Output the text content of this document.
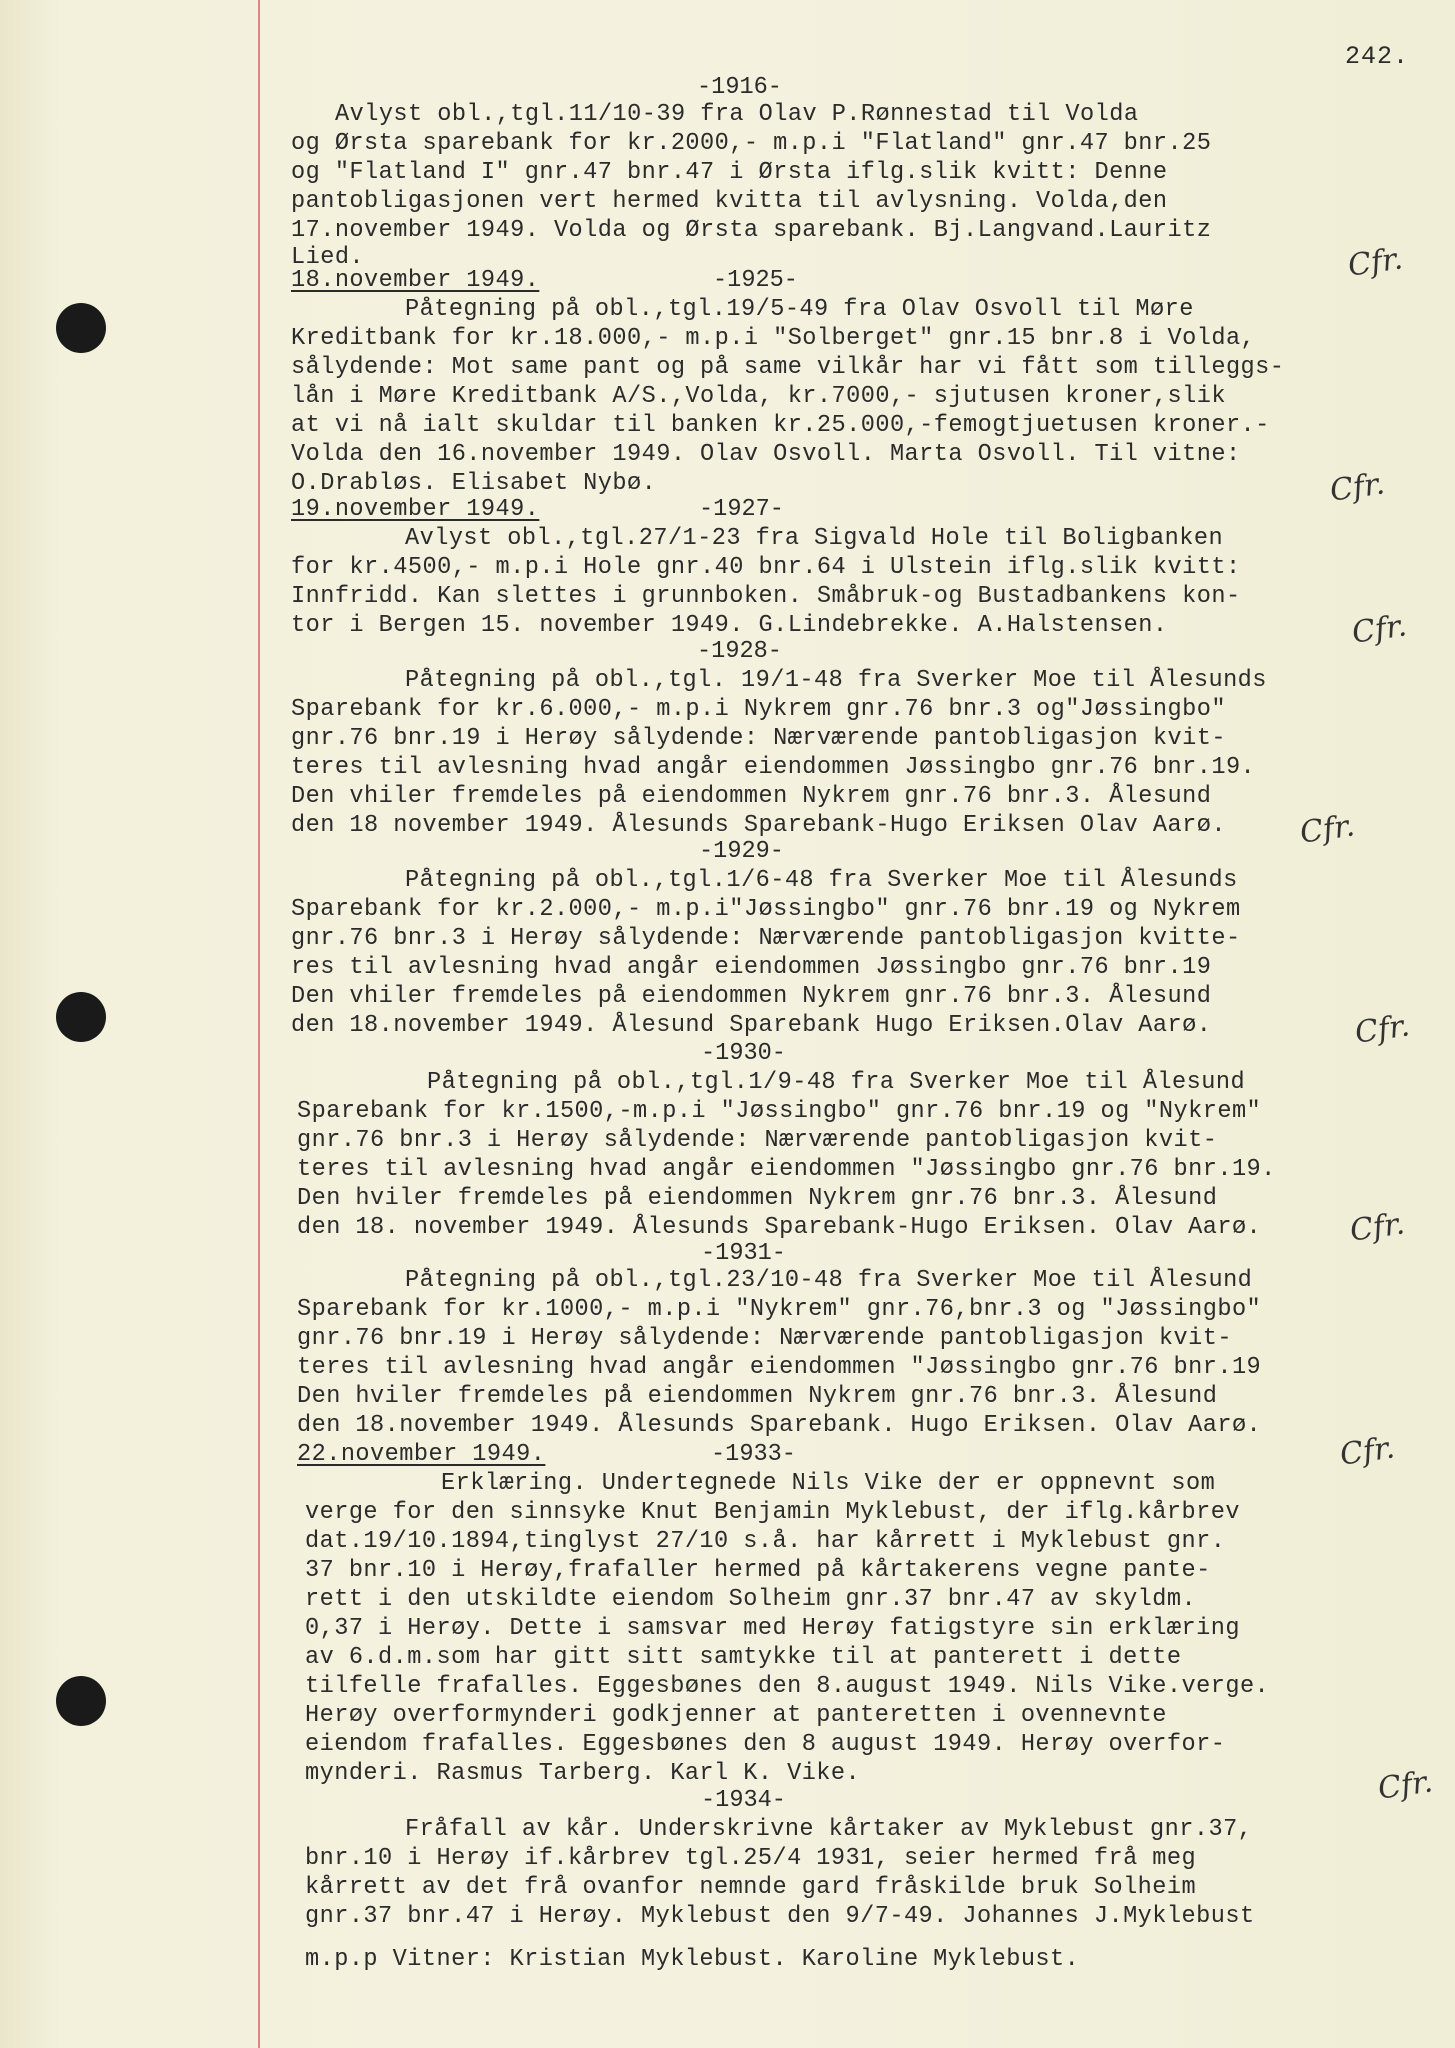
242.
-1916-
Avlyst obl.,tgl.11/10-39 fra Olav P.Rønnestad til Volda
og Ørsta sparebank for kr.2000,- m.p.i "Flatland" gnr.47 bnr.25
og "Flatland I" gnr.47 bnr.47 i Ørsta iflg.slik kvitt: Denne
pantobligasjonen vert hermed kvitta til avlysning. Volda,den
17.november 1949. Volda og Ørsta sparebank. Bj.Langvand.Lauritz
Lied.	Cfr.
18.november 1949.	-1925-
Påtegning på obl.,tgl.19/5-49 fra Olav Osvoll til Møre
Kreditbank for kr.18.000,- m.p.i "Solberget" gnr.15 bnr.8 i Volda,
sålydende: Mot same pant og på same vilkår har vi fått som tilleggs-
lån i Møre Kreditbank A/S.,Volda, kr.7000,- sjutusen kroner,slik
at vi nå ialt skuldar til banken kr.25.000,-femogtjuetusen kroner.-
Volda den 16.november 1949. Olav Osvoll. Marta Osvoll. Til vitne:
O.Drabløs. Elisabet Nybø.	Cfr.
19.november 1949.	-1927-
Avlyst obl.,tgl.27/1-23 fra Sigvald Hole til Boligbanken
for kr.4500,- m.p.i Hole gnr.40 bnr.64 i Ulstein iflg.slik kvitt:
Innfridd. Kan slettes i grunnboken. Småbruk-og Bustadbankens kon-
tor i Bergen 15. november 1949. G.Lindebrekke. A.Halstensen.	Cfr.
-1928-
Påtegning på obl.,tgl. 19/1-48 fra Sverker Moe til Ålesunds
Sparebank for kr.6.000,- m.p.i Nykrem gnr.76 bnr.3 og"Jøssingbo"
gnr.76 bnr.19 i Herøy sålydende: Nærværende pantobligasjon kvit-
teres til avlesning hvad angår eiendommen Jøssingbo gnr.76 bnr.19.
Den vhiler fremdeles på eiendommen Nykrem gnr.76 bnr.3. Ålesund
den 18 november 1949. Ålesunds Sparebank-Hugo Eriksen Olav Aarø. Cfr.
-1929-
Påtegning på obl.,tgl.1/6-48 fra Sverker Moe til Ålesunds
Sparebank for kr.2.000,- m.p.i"Jøssingbo" gnr.76 bnr.19 og Nykrem
gnr.76 bnr.3 i Herøy sålydende: Nærværende pantobligasjon kvitte-
res til avlesning hvad angår eiendommen Jøssingbo gnr.76 bnr.19
Den vhiler fremdeles på eiendommen Nykrem gnr.76 bnr.3. Ålesund
den 18.november 1949. Ålesund Sparebank Hugo Eriksen.Olav Aarø.	Cfr.
-1930-
Påtegning på obl.,tgl.1/9-48 fra Sverker Moe til Ålesund
Sparebank for kr.1500,-m.p.i "Jøssingbo" gnr.76 bnr.19 og "Nykrem"
gnr.76 bnr.3 i Herøy sålydende: Nærværende pantobligasjon kvit-
teres til avlesning hvad angår eiendommen "Jøssingbo gnr.76 bnr.19.
Den hviler fremdeles på eiendommen Nykrem gnr.76 bnr.3. Ålesund
den 18. november 1949. Ålesunds Sparebank-Hugo Eriksen. Olav Aarø.	Cfr.
-1931-
Påtegning på obl.,tgl.23/10-48 fra Sverker Moe til Ålesund
Sparebank for kr.1000,- m.p.i "Nykrem" gnr.76,bnr.3 og "Jøssingbo"
gnr.76 bnr.19 i Herøy sålydende: Nærværende pantobligasjon kvit-
teres til avlesning hvad angår eiendommen "Jøssingbo gnr.76 bnr.19
Den hviler fremdeles på eiendommen Nykrem gnr.76 bnr.3. Ålesund
den 18.november 1949. Ålesunds Sparebank. Hugo Eriksen. Olav Aarø.
Cfr.
22.november 1949.	-1933-
Erklæring. Undertegnede Nils Vike der er oppnevnt som
verge for den sinnsyke Knut Benjamin Myklebust, der iflg.kårbrev
dat.19/10.1894,tinglyst 27/10 s.å. har kårrett i Myklebust gnr.
37 bnr.10 i Herøy,frafaller hermed på kårtakerens vegne pante-
rett i den utskildte eiendom Solheim gnr.37 bnr.47 av skyldm.
0,37 i Herøy. Dette i samsvar med Herøy fatigstyre sin erklæring
av 6.d.m.som har gitt sitt samtykke til at panterett i dette
tilfelle frafalles. Eggesbønes den 8.august 1949. Nils Vike.verge.
Herøy overformynderi godkjenner at panteretten i ovennevnte
eiendom frafalles. Eggesbønes den 8 august 1949. Herøy overfor-
mynderi. Rasmus Tarberg. Karl K. Vike.	Cfr.
-1934-
Fråfall av kår. Underskrivne kårtaker av Myklebust gnr.37,
bnr.10 i Herøy if.kårbrev tgl.25/4 1931, seier hermed frå meg
kårrett av det frå ovanfor nemnde gard fråskilde bruk Solheim
gnr.37 bnr.47 i Herøy. Myklebust den 9/7-49. Johannes J.Myklebust
m.p.p Vitner: Kristian Myklebust. Karoline Myklebust.
